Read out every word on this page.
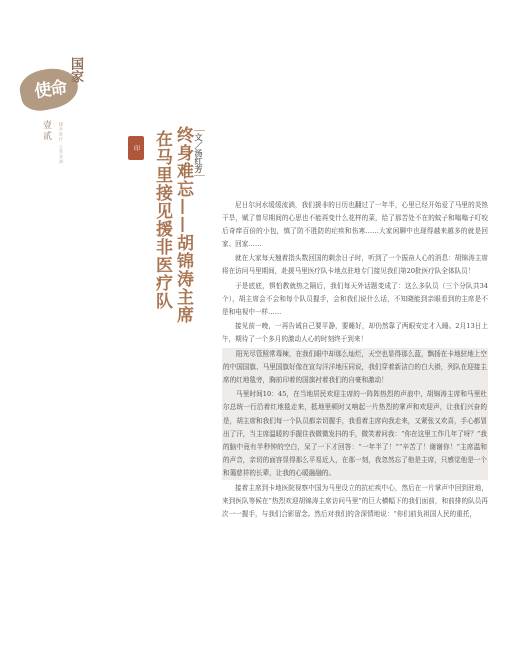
使命
国家
壹贰	援外医疗·心系非洲	印 在马里接见援非医疗队 终身难忘——胡锦涛主席 文／汤红芳

尼日尔河水缓缓流淌，我们援非的日历也翻过了一年半，心里已经开始爱了马里的炎热干旱，赋了曾尽期间的心思也不能再变什么花样的菜，给了那苦处不在的蚊子和嗡嗡子叮咬后奇痒百倍的小包，慎了防不胜防的疟疾和伤寒……大家闲聊中也现得越来越多的就是回家、回家……

就在大家每天翘着指头数回国的剩余日子时，听到了一个振奋人心的消息：胡锦涛主席将在访问马里期间，赴援马里医疗队卡地点驻地专门接见我们第20批医疗队全体队员！

于是底底，惧怕教就热之隔后，我们每天外话题变成了：这么多队员（三个分队共34个），胡主席会不会和每个队员握手，会和我们说什么话，不知晓能到亲眼看到的主席是不是和电视中一样……

接见前一晚，一再告诫自己要平静，要睡好，却仍然靠了两眼安定才入睡。2月13日上午，期待了一个多月的激动人心的时刻终于到来！

阳光尽管照常毒辣，在我们眼中却那么灿烂，天空也显得那么蓝，飘扬在卡地驻地上空的中国国旗、马里国旗好像在宣勾洋洋地压同说，我们穿着新洁白的白大褂，列队在迎接主席的红地毯旁，胸前印着的国旗衬着我们的自豪和激动！

马里时间10：45，在当地居民欢迎主席的一阵阵热烈的声浪中，胡锦涛主席和马里杜尔总统一行沿着红地毯走来，抵地里顿时又响起一片热烈的掌声和欢迎声，让我们兴奋的是，胡主席和我们每一个队员都亲切握手，我看着主席向我走来，又紧张又欢喜，手心都冒出了汗，当主席温暖的手握住我微微发抖的手，微笑着问我：“你在这里工作几年了呀？”我的脑中竟有半秒钟的空白，呆了一下才回答：“一年半了！”“辛苦了！谢谢你！”主席温和的声音，亲切的面容显得那么平易近人，在那一刻，我忽然忘了他是主席，只感觉他是一个和蔼慈祥的长辈，让我的心暖融融的。

接着主席到卡地医院视察中国为马里设立的抗疟疾中心，然后在一片掌声中回到驻地，来到医队等候在“热烈欢迎胡锦涛主席访问马里”的巨大横幅下的我们面前，和前排的队员再次一一握手，与我们合影留念。然后对我们的含深情地说：“你们前负祖国人民的重托，
